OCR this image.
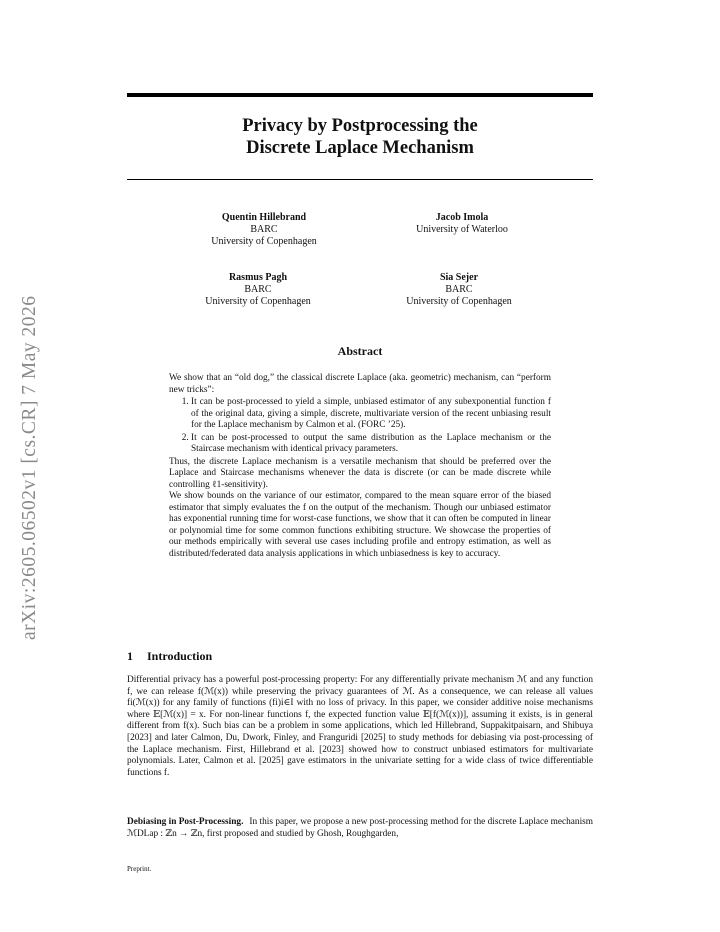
arXiv:2605.06502v1 [cs.CR] 7 May 2026
Privacy by Postprocessing the
Discrete Laplace Mechanism
Quentin Hillebrand
BARC
University of Copenhagen
Jacob Imola
University of Waterloo
Rasmus Pagh
BARC
University of Copenhagen
Sia Sejer
BARC
University of Copenhagen
Abstract

We show that an “old dog,” the classical discrete Laplace (aka. geometric) mechanism, can “perform new tricks”:

1. It can be post-processed to yield a simple, unbiased estimator of any subexponential function f of the original data, giving a simple, discrete, multivariate version of the recent unbiasing result for the Laplace mechanism by Calmon et al. (FORC ’25).
2. It can be post-processed to output the same distribution as the Laplace mechanism or the Staircase mechanism with identical privacy parameters.

Thus, the discrete Laplace mechanism is a versatile mechanism that should be preferred over the Laplace and Staircase mechanisms whenever the data is discrete (or can be made discrete while controlling ℓ1-sensitivity).

We show bounds on the variance of our estimator, compared to the mean square error of the biased estimator that simply evaluates the f on the output of the mechanism. Though our unbiased estimator has exponential running time for worst-case functions, we show that it can often be computed in linear or polynomial time for some common functions exhibiting structure. We showcase the properties of our methods empirically with several use cases including profile and entropy estimation, as well as distributed/federated data analysis applications in which unbiasedness is key to accuracy.

1 Introduction

Differential privacy has a powerful post-processing property: For any differentially private mechanism ℳ and any function f, we can release f(ℳ(x)) while preserving the privacy guarantees of ℳ. As a consequence, we can release all values fi(ℳ(x)) for any family of functions (fi)i∈I with no loss of privacy. In this paper, we consider additive noise mechanisms where 𝔼[ℳ(x)] = x. For non-linear functions f, the expected function value 𝔼[f(ℳ(x))], assuming it exists, is in general different from f(x). Such bias can be a problem in some applications, which led Hillebrand, Suppakitpaisarn, and Shibuya [2023] and later Calmon, Du, Dwork, Finley, and Franguridi [2025] to study methods for debiasing via post-processing of the Laplace mechanism. First, Hillebrand et al. [2023] showed how to construct unbiased estimators for multivariate polynomials. Later, Calmon et al. [2025] gave estimators in the univariate setting for a wide class of twice differentiable functions f.

Debiasing in Post-Processing. In this paper, we propose a new post-processing method for the discrete Laplace mechanism ℳDLap : ℤn → ℤn, first proposed and studied by Ghosh, Roughgarden,

Preprint.
